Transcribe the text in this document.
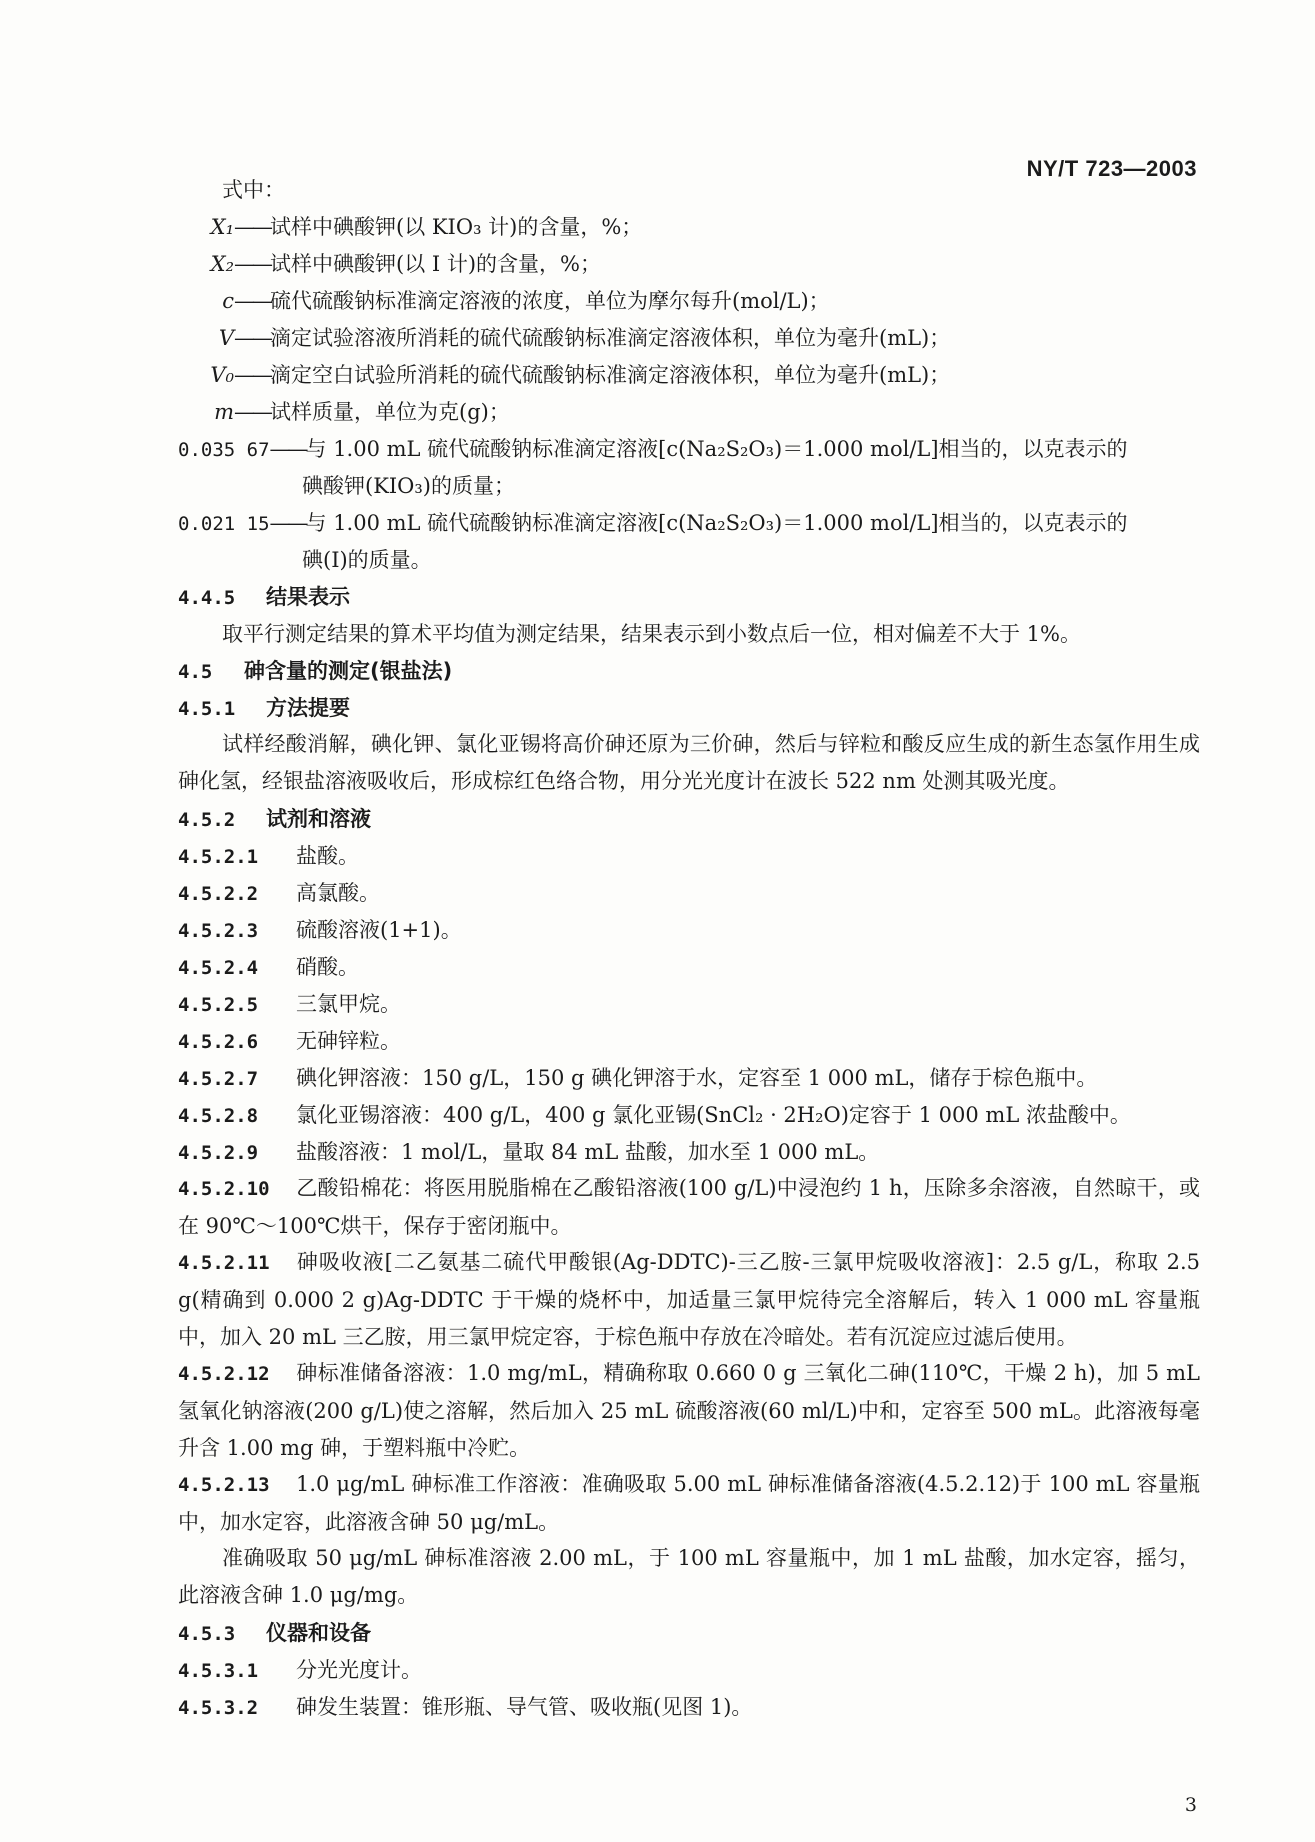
NY/T 723—2003
式中：
X₁——试样中碘酸钾(以 KIO₃ 计)的含量，%；
X₂——试样中碘酸钾(以 I 计)的含量，%；
c——硫代硫酸钠标准滴定溶液的浓度，单位为摩尔每升(mol/L)；
V——滴定试验溶液所消耗的硫代硫酸钠标准滴定溶液体积，单位为毫升(mL)；
V₀——滴定空白试验所消耗的硫代硫酸钠标准滴定溶液体积，单位为毫升(mL)；
m——试样质量，单位为克(g)；
0.035 67——与 1.00 mL 硫代硫酸钠标准滴定溶液[c(Na₂S₂O₃)＝1.000 mol/L]相当的，以克表示的
碘酸钾(KIO₃)的质量；
0.021 15——与 1.00 mL 硫代硫酸钠标准滴定溶液[c(Na₂S₂O₃)＝1.000 mol/L]相当的，以克表示的
碘(I)的质量。
4.4.5 结果表示
取平行测定结果的算术平均值为测定结果，结果表示到小数点后一位，相对偏差不大于 1%。
4.5 砷含量的测定(银盐法)
4.5.1 方法提要
试样经酸消解，碘化钾、氯化亚锡将高价砷还原为三价砷，然后与锌粒和酸反应生成的新生态氢作用生成砷化氢，经银盐溶液吸收后，形成棕红色络合物，用分光光度计在波长 522 nm 处测其吸光度。
4.5.2 试剂和溶液
4.5.2.1 盐酸。
4.5.2.2 高氯酸。
4.5.2.3 硫酸溶液(1+1)。
4.5.2.4 硝酸。
4.5.2.5 三氯甲烷。
4.5.2.6 无砷锌粒。
4.5.2.7 碘化钾溶液：150 g/L，150 g 碘化钾溶于水，定容至 1 000 mL，储存于棕色瓶中。
4.5.2.8 氯化亚锡溶液：400 g/L，400 g 氯化亚锡(SnCl₂ · 2H₂O)定容于 1 000 mL 浓盐酸中。
4.5.2.9 盐酸溶液：1 mol/L，量取 84 mL 盐酸，加水至 1 000 mL。
4.5.2.10 乙酸铅棉花：将医用脱脂棉在乙酸铅溶液(100 g/L)中浸泡约 1 h，压除多余溶液，自然晾干，或在 90℃～100℃烘干，保存于密闭瓶中。
4.5.2.11 砷吸收液[二乙氨基二硫代甲酸银(Ag-DDTC)-三乙胺-三氯甲烷吸收溶液]：2.5 g/L，称取 2.5 g(精确到 0.000 2 g)Ag-DDTC 于干燥的烧杯中，加适量三氯甲烷待完全溶解后，转入 1 000 mL 容量瓶中，加入 20 mL 三乙胺，用三氯甲烷定容，于棕色瓶中存放在冷暗处。若有沉淀应过滤后使用。
4.5.2.12 砷标准储备溶液：1.0 mg/mL，精确称取 0.660 0 g 三氧化二砷(110℃，干燥 2 h)，加 5 mL 氢氧化钠溶液(200 g/L)使之溶解，然后加入 25 mL 硫酸溶液(60 ml/L)中和，定容至 500 mL。此溶液每毫升含 1.00 mg 砷，于塑料瓶中冷贮。
4.5.2.13 1.0 μg/mL 砷标准工作溶液：准确吸取 5.00 mL 砷标准储备溶液(4.5.2.12)于 100 mL 容量瓶中，加水定容，此溶液含砷 50 μg/mL。
准确吸取 50 μg/mL 砷标准溶液 2.00 mL，于 100 mL 容量瓶中，加 1 mL 盐酸，加水定容，摇匀，此溶液含砷 1.0 μg/mg。
4.5.3 仪器和设备
4.5.3.1 分光光度计。
4.5.3.2 砷发生装置：锥形瓶、导气管、吸收瓶(见图 1)。
3
